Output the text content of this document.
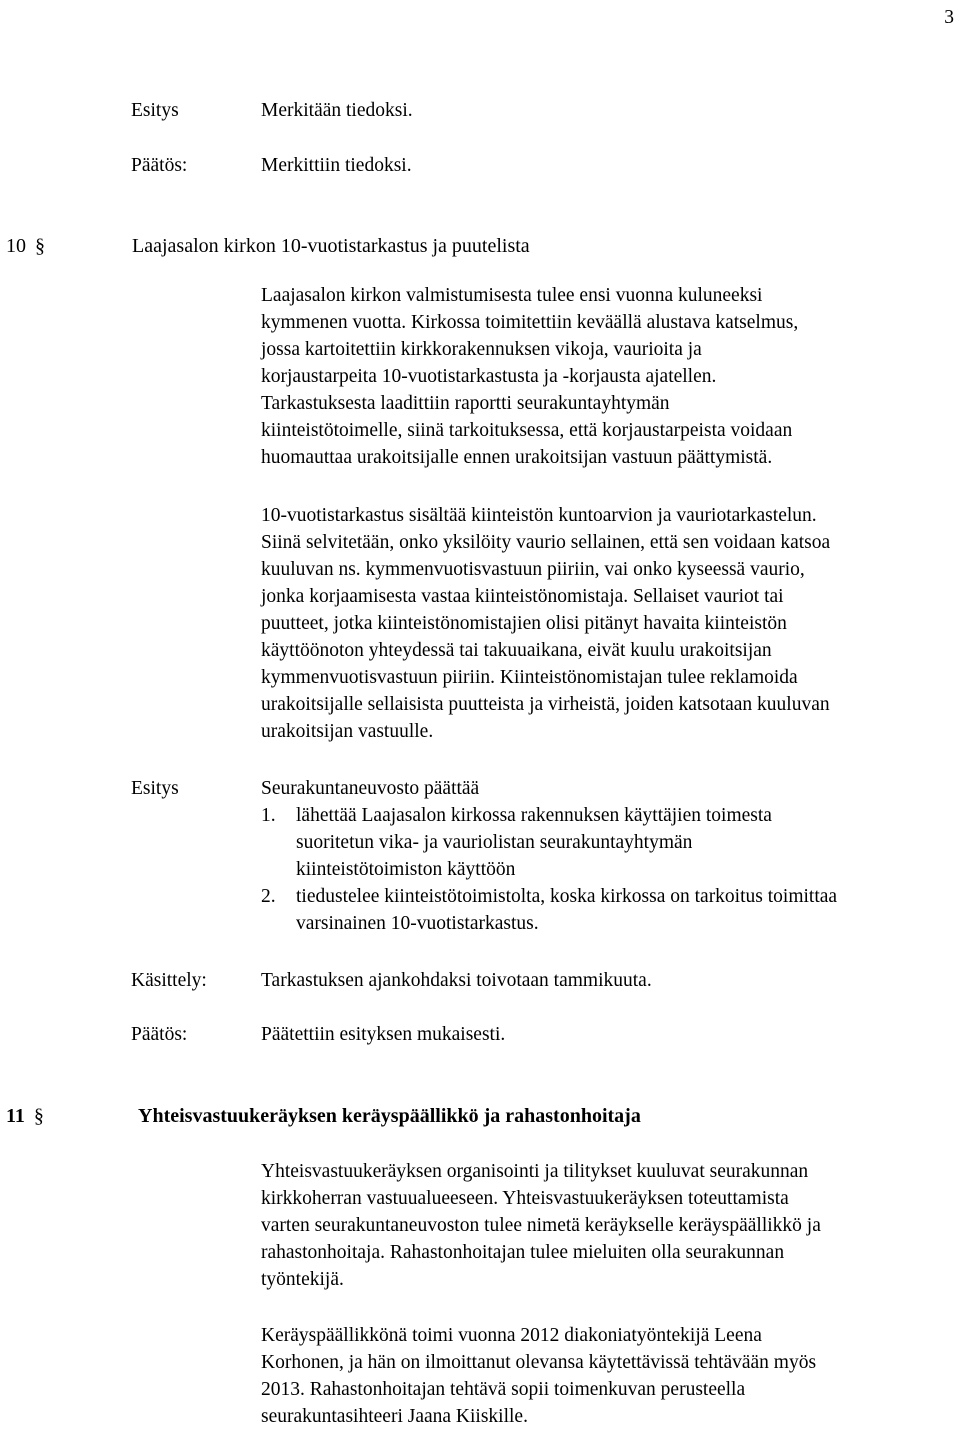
3
Esitys	Merkitään tiedoksi.
Päätös:	Merkittiin tiedoksi.
10 §	Laajasalon kirkon 10-vuotistarkastus ja puutelista
Laajasalon kirkon valmistumisesta tulee ensi vuonna kuluneeksi
kymmenen vuotta. Kirkossa toimitettiin keväällä alustava katselmus,
jossa kartoitettiin kirkkorakennuksen vikoja, vaurioita ja
korjaustarpeita 10-vuotistarkastusta ja -korjausta ajatellen.
Tarkastuksesta laadittiin raportti seurakuntayhtymän
kiinteistötoimelle, siinä tarkoituksessa, että korjaustarpeista voidaan
huomauttaa urakoitsijalle ennen urakoitsijan vastuun päättymistä.
10-vuotistarkastus sisältää kiinteistön kuntoarvion ja vauriotarkastelun.
Siinä selvitetään, onko yksilöity vaurio sellainen, että sen voidaan katsoa
kuuluvan ns. kymmenvuotisvastuun piiriin, vai onko kyseessä vaurio,
jonka korjaamisesta vastaa kiinteistönomistaja. Sellaiset vauriot tai
puutteet, jotka kiinteistönomistajien olisi pitänyt havaita kiinteistön
käyttöönoton yhteydessä tai takuuaikana, eivät kuulu urakoitsijan
kymmenvuotisvastuun piiriin. Kiinteistönomistajan tulee reklamoida
urakoitsijalle sellaisista puutteista ja virheistä, joiden katsotaan kuuluvan
urakoitsijan vastuulle.
Esitys	Seurakuntaneuvosto päättää
1. lähettää Laajasalon kirkossa rakennuksen käyttäjien toimesta
suoritetun vika- ja vauriolistan seurakuntayhtymän
kiinteistötoimiston käyttöön
2. tiedustelee kiinteistötoimistolta, koska kirkossa on tarkoitus toimittaa
varsinainen 10-vuotistarkastus.
Käsittely:	Tarkastuksen ajankohdaksi toivotaan tammikuuta.
Päätös:	Päätettiin esityksen mukaisesti.
11 §	Yhteisvastuukeräyksen keräyspäällikkö ja rahastonhoitaja
Yhteisvastuukeräyksen organisointi ja tilitykset kuuluvat seurakunnan
kirkkoherran vastuualueeseen. Yhteisvastuukeräyksen toteuttamista
varten seurakuntaneuvoston tulee nimetä keräykselle keräyspäällikkö ja
rahastonhoitaja. Rahastonhoitajan tulee mieluiten olla seurakunnan
työntekijä.
Keräyspäällikkönä toimi vuonna 2012 diakoniatyöntekijä Leena
Korhonen, ja hän on ilmoittanut olevansa käytettävissä tehtävään myös
2013. Rahastonhoitajan tehtävä sopii toimenkuvan perusteella
seurakuntasihteeri Jaana Kiiskille.
